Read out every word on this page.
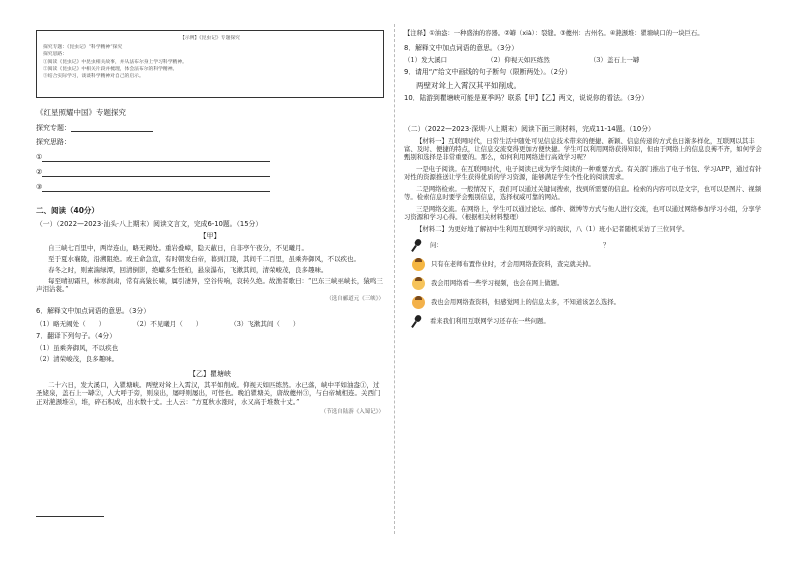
【示例】《昆虫记》专题探究
探究专题：《昆虫记》“科学精神”探究
探究思路：
①阅读《昆虫记》中昆虫相关故事，并从法布尔身上学习科学精神。
②阅读《昆虫记》中相关片段并梳理，体会法布尔的科学精神。
③结合实际学习，谈谈科学精神对自己的启示。
《红星照耀中国》专题探究
探究专题：
探究思路：
①
②
③
二、阅读（40分）
（一）（2022—2023·汕头·八上期末）阅读文言文，完成6-10题。（15分）
【甲】
自三峡七百里中，两岸连山，略无阙处。重岩叠嶂，隐天蔽日，自非亭午夜分，不见曦月。
至于夏水襄陵，沿溯阻绝。或王命急宣，有时朝发白帝，暮到江陵，其间千二百里，虽乘奔御风，不以疾也。
春冬之时，则素湍绿潭，回清倒影，绝巘多生怪柏，悬泉瀑布，飞漱其间，清荣峻茂，良多趣味。
每至晴初霜旦，林寒涧肃，常有高猿长啸，属引凄异，空谷传响，哀转久绝。故渔者歌曰：“巴东三峡巫峡长，猿鸣三声泪沾裳。”
（选自郦道元《三峡》）
6．解释文中加点词语的意思。（3分）
（1）略无阙处（　　）	（2）不见曦月（　　）	（3）飞漱其间（　　）
7．翻译下列句子。（4分）
（1）虽乘奔御风，不以疾也
（2）清荣峻茂，良多趣味。
【乙】瞿塘峡
二十六日，发大溪口，入瞿塘峡。两壁对耸上入霄汉，其平如削成。仰视天如匹练然。水已落，峡中平如油盎①，过圣姥泉，盖石上一罅②，人大呼于旁，则泉出，屡呼则屡出，可怪也。晚泊瞿塘关，唐故夔州③，与白帝城相连。关西门正对滟滪堆④，堆，碎石积成，出水数十丈。土人云：“方夏秋水涨时，水又高于堆数十丈。”
（节选自陆游《入蜀记》）
【注释】①油盎：一种盛油的容器。②罅（xià）：裂缝。③夔州：古州名。④滟滪堆：瞿塘峡口的一块巨石。
8．解释文中加点词语的意思。（3分）
（1）发大溪口	（2）仰视天如匹练然	（3）盖石上一罅
9．请用“/”给文中画线的句子断句（限断两处）。（2分）
两壁对耸上入霄汉其平如削成。
10．陆游到瞿塘峡可能是夏季吗？联系【甲】【乙】两文，说说你的看法。（3分）
（二）（2022—2023·深圳·八上期末）阅读下面三则材料，完成11-14题。（10分）
【材料一】互联网时代，日常生活中随处可见信息技术带来的便捷、新颖、信息传递的方式也日渐多样化，互联网以其丰富、及时、便捷的特点，让信息交流变得更加方便快捷。学生可以利用网络获得知识，但由于网络上的信息良莠不齐，如何学会甄别和选择是非常重要的。那么，如何利用网络进行高效学习呢？
一是电子阅读。在互联网时代，电子阅读已成为学生阅读的一种重要方式。有关部门推出了电子书包、学习APP，通过有针对性的资源推送让学生获得优质的学习资源，能够满足学生个性化的阅读需求。
二是网络检索。一般情况下，我们可以通过关键词搜索，找到所需要的信息。检索的内容可以是文字，也可以是图片、视频等。检索信息时要学会甄别信息，选择权威可靠的网站。
三是网络交流。在网络上，学生可以通过论坛、邮件、微博等方式与他人进行交流，也可以通过网络参加学习小组，分享学习资源和学习心得。（根据相关材料整理）
【材料二】为更好地了解初中生利用互联网学习的现状，八（1）班小记者随机采访了三位同学。
问：　　　　　　　　　　　　　　　　　　　　　　　　　　？
只有在老师布置作业时，才会用网络查资料，查完就关掉。
我会用网络看一些学习视频，也会在网上做题。
我也会用网络查资料，但感觉网上的信息太多，不知道该怎么选择。
看来我们利用互联网学习还存在一些问题。
